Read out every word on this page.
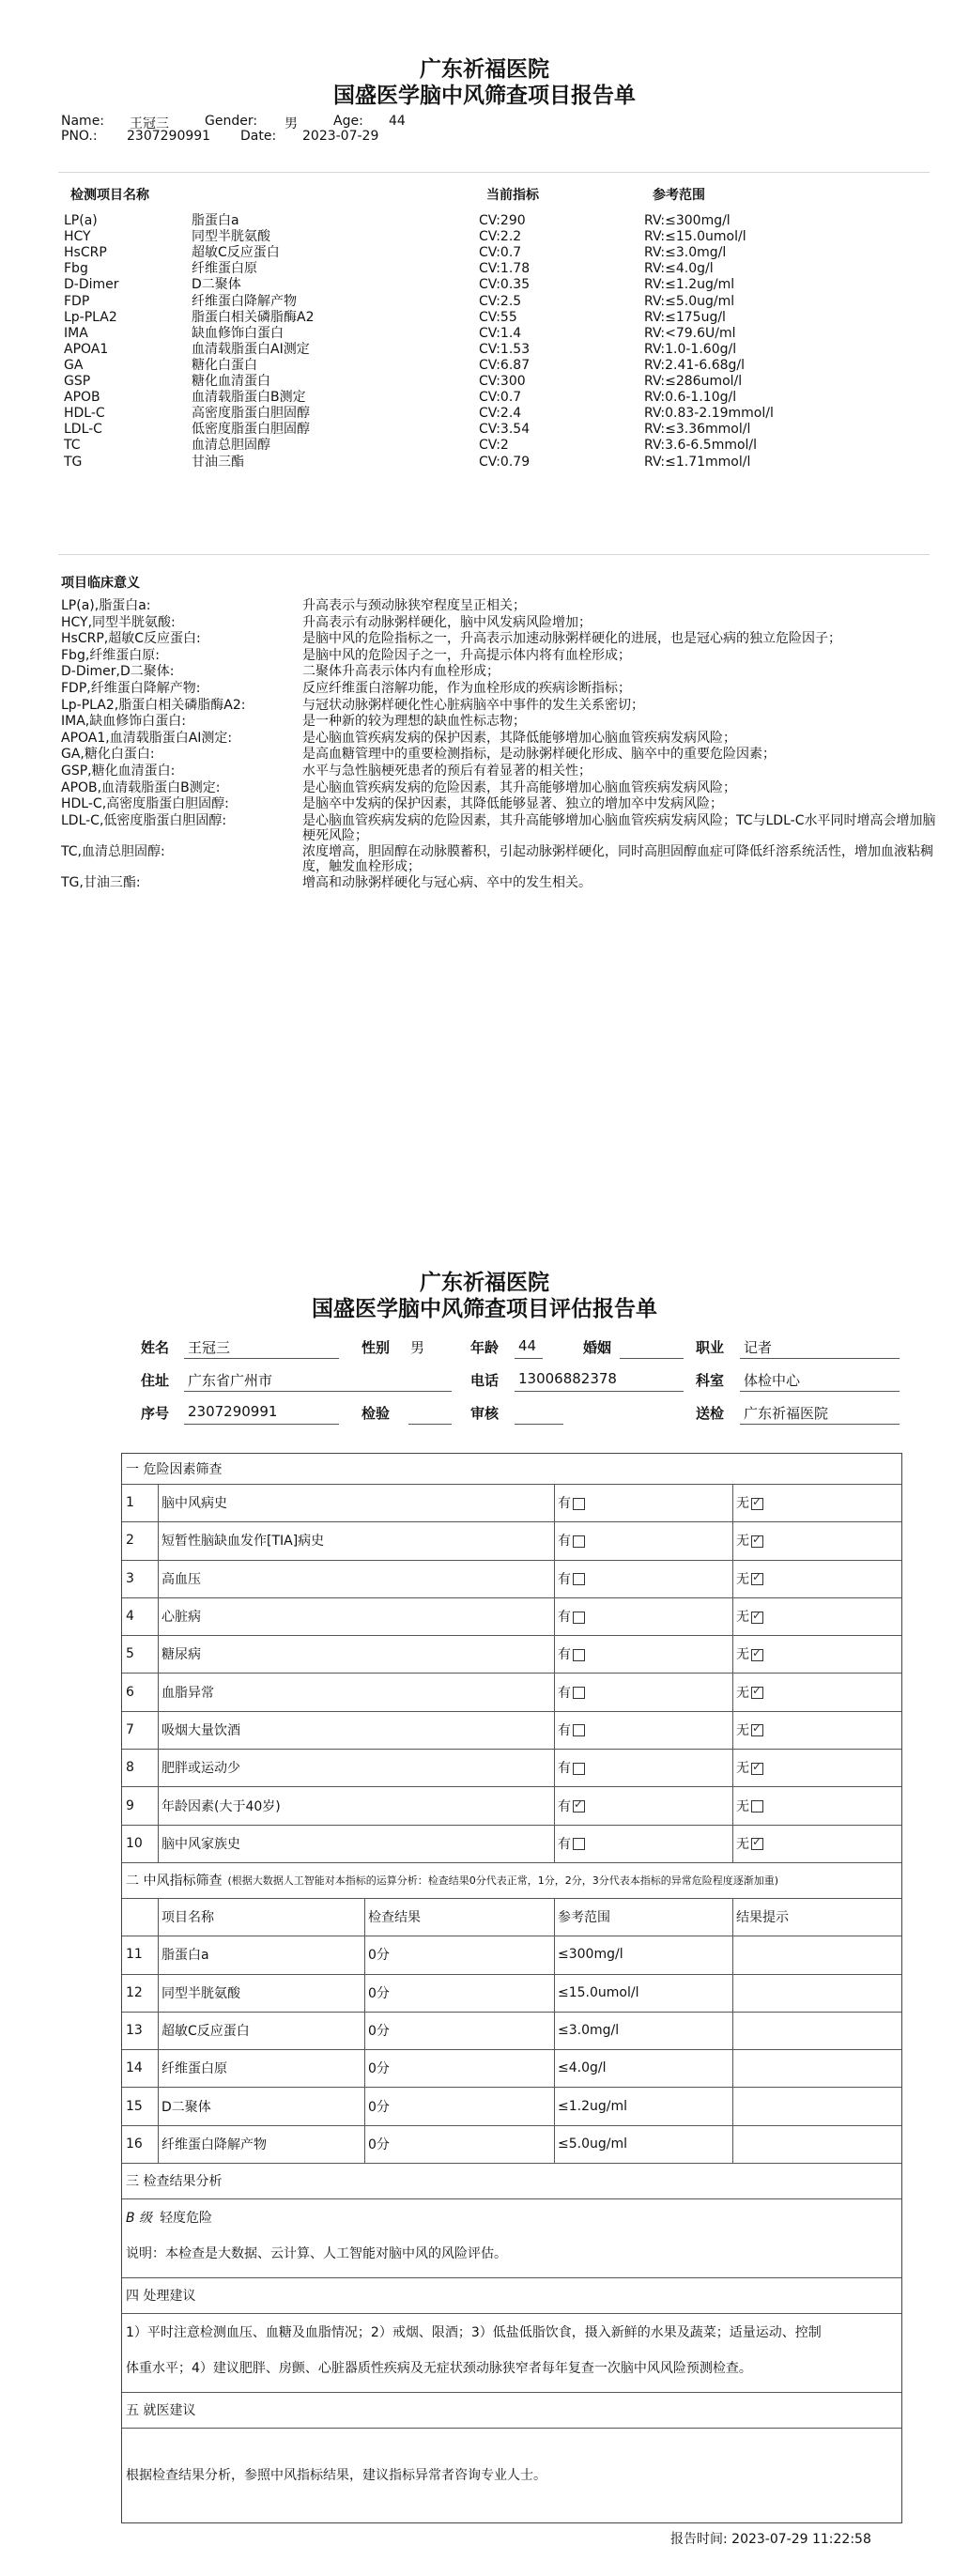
广东祈福医院
国盛医学脑中风筛查项目报告单
Name: 王冠三	Gender: 男	Age: 44
PNO.: 2307290991 Date: 2023-07-29
检测项目名称	当前指标	参考范围
LP(a)	脂蛋白a	CV:290	RV:≤300mg/l
HCY	同型半胱氨酸	CV:2.2	RV:≤15.0umol/l
HsCRP	超敏C反应蛋白	CV:0.7	RV:≤3.0mg/l
Fbg	纤维蛋白原	CV:1.78	RV:≤4.0g/l
D-Dimer	D二聚体	CV:0.35	RV:≤1.2ug/ml
FDP	纤维蛋白降解产物	CV:2.5	RV:≤5.0ug/ml
Lp-PLA2	脂蛋白相关磷脂酶A2	CV:55	RV:≤175ug/l
IMA	缺血修饰白蛋白	CV:1.4	RV:<79.6U/ml
APOA1	血清载脂蛋白AI测定	CV:1.53	RV:1.0-1.60g/l
GA	糖化白蛋白	CV:6.87	RV:2.41-6.68g/l
GSP	糖化血清蛋白	CV:300	RV:≤286umol/l
APOB	血清载脂蛋白B测定	CV:0.7	RV:0.6-1.10g/l
HDL-C	高密度脂蛋白胆固醇	CV:2.4	RV:0.83-2.19mmol/l
LDL-C	低密度脂蛋白胆固醇	CV:3.54	RV:≤3.36mmol/l
TC	血清总胆固醇	CV:2	RV:3.6-6.5mmol/l
TG	甘油三酯	CV:0.79	RV:≤1.71mmol/l
项目临床意义
LP(a),脂蛋白a:	升高表示与颈动脉狭窄程度呈正相关；
HCY,同型半胱氨酸:	升高表示有动脉粥样硬化，脑中风发病风险增加；
HsCRP,超敏C反应蛋白:	是脑中风的危险指标之一，升高表示加速动脉粥样硬化的进展，也是冠心病的独立危险因子；
Fbg,纤维蛋白原:	是脑中风的危险因子之一，升高提示体内将有血栓形成；
D-Dimer,D二聚体:	二聚体升高表示体内有血栓形成；
FDP,纤维蛋白降解产物:	反应纤维蛋白溶解功能，作为血栓形成的疾病诊断指标；
Lp-PLA2,脂蛋白相关磷脂酶A2:	与冠状动脉粥样硬化性心脏病脑卒中事件的发生关系密切；
IMA,缺血修饰白蛋白:	是一种新的较为理想的缺血性标志物；
APOA1,血清载脂蛋白AI测定:	是心脑血管疾病发病的保护因素，其降低能够增加心脑血管疾病发病风险；
GA,糖化白蛋白:	是高血糖管理中的重要检测指标，是动脉粥样硬化形成、脑卒中的重要危险因素；
GSP,糖化血清蛋白:	水平与急性脑梗死患者的预后有着显著的相关性；
APOB,血清载脂蛋白B测定:	是心脑血管疾病发病的危险因素，其升高能够增加心脑血管疾病发病风险；
HDL-C,高密度脂蛋白胆固醇:	是脑卒中发病的保护因素，其降低能够显著、独立的增加卒中发病风险；
LDL-C,低密度脂蛋白胆固醇:	是心脑血管疾病发病的危险因素，其升高能够增加心脑血管疾病发病风险；TC与LDL-C水平同时增高会增加脑梗死风险；
TC,血清总胆固醇:	浓度增高，胆固醇在动脉膜蓄积，引起动脉粥样硬化，同时高胆固醇血症可降低纤溶系统活性，增加血液粘稠度，触发血栓形成；
TG,甘油三酯:	增高和动脉粥样硬化与冠心病、卒中的发生相关。
广东祈福医院
国盛医学脑中风筛查项目评估报告单
姓名 王冠三	性别 男	年龄 44	婚姻	职业 记者
住址 广东省广州市	电话 13006882378	科室 体检中心
序号 2307290991	检验	审核	送检 广东祈福医院
一 危险因素筛查
1 脑中风病史	有	无
✓
2 短暂性脑缺血发作[TIA]病史	有	无
✓
3 高血压	有	无
✓
4 心脏病	有	无
✓
5 糖尿病	有	无
✓
6 血脂异常	有	无
✓
7 吸烟大量饮酒	有	无
✓
8 肥胖或运动少	有	无
✓
9 年龄因素(大于40岁)	有
✓	无
10 脑中风家族史	有	无
✓
二 中风指标筛查 (根据大数据人工智能对本指标的运算分析：检查结果0分代表正常，1分，2分，3分代表本指标的异常危险程度逐渐加重)
项目名称	检查结果	参考范围	结果提示
11 脂蛋白a	0分	≤300mg/l
12 同型半胱氨酸	0分	≤15.0umol/l
13 超敏C反应蛋白	0分	≤3.0mg/l
14 纤维蛋白原	0分	≤4.0g/l
15 D二聚体	0分	≤1.2ug/ml
16 纤维蛋白降解产物	0分	≤5.0ug/ml
三 检查结果分析
B 级 轻度危险
说明：本检查是大数据、云计算、人工智能对脑中风的风险评估。
四 处理建议
1）平时注意检测血压、血糖及血脂情况；2）戒烟、限酒；3）低盐低脂饮食，摄入新鲜的水果及蔬菜；适量运动、控制
体重水平；4）建议肥胖、房颤、心脏器质性疾病及无症状颈动脉狭窄者每年复查一次脑中风风险预测检查。
五 就医建议
根据检查结果分析，参照中风指标结果，建议指标异常者咨询专业人士。
报告时间: 2023-07-29 11:22:58
